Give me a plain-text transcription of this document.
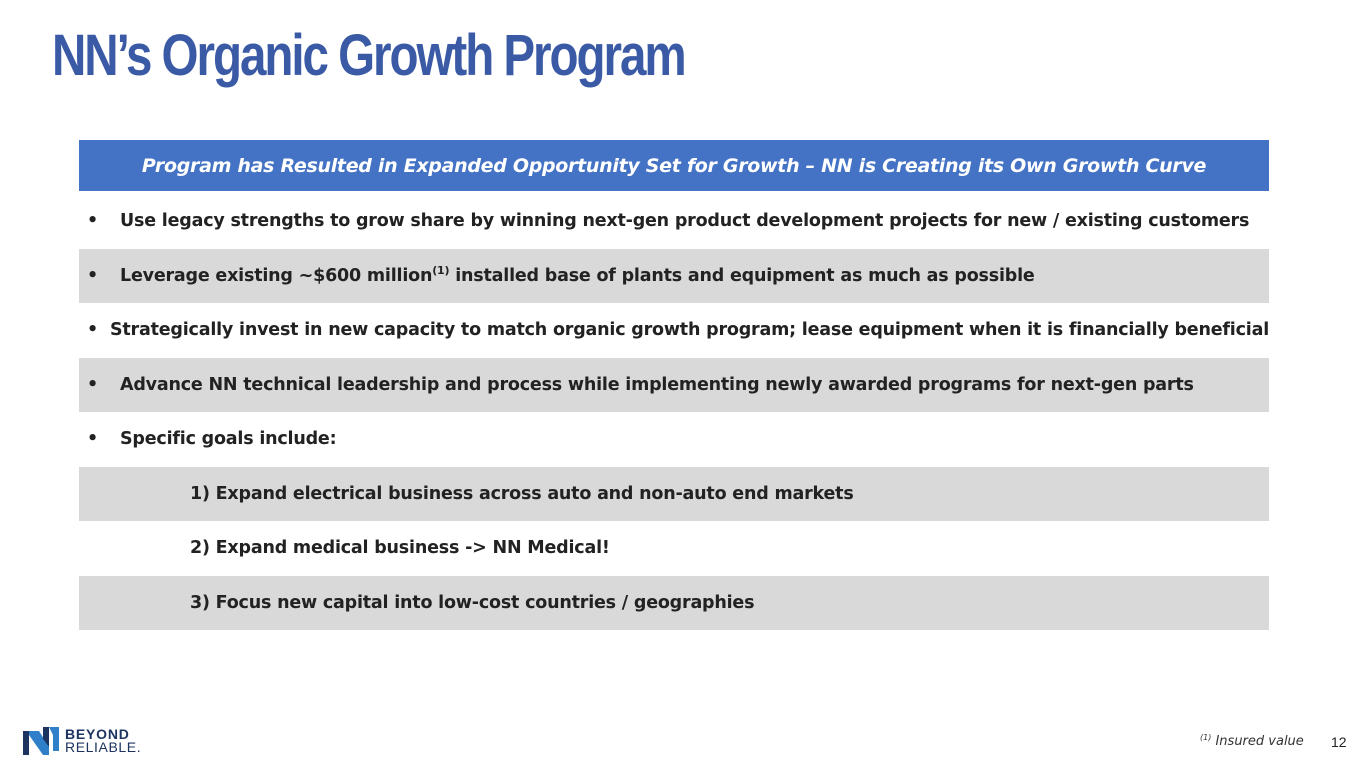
NN’s Organic Growth Program
Program has Resulted in Expanded Opportunity Set for Growth – NN is Creating its Own Growth Curve
•	Use legacy strengths to grow share by winning next-gen product development projects for new / existing customers
•	Leverage existing ~$600 million$^{(1)}$ installed base of plants and equipment as much as possible
• Strategically invest in new capacity to match organic growth program; lease equipment when it is financially beneficial
•	Advance NN technical leadership and process while implementing newly awarded programs for next-gen parts
•	Specific goals include:
1) Expand electrical business across auto and non-auto end markets
2) Expand medical business -> NN Medical!
3) Focus new capital into low-cost countries / geographies
BEYOND
RELIABLE.
$^{(1)}$ Insured value 12
